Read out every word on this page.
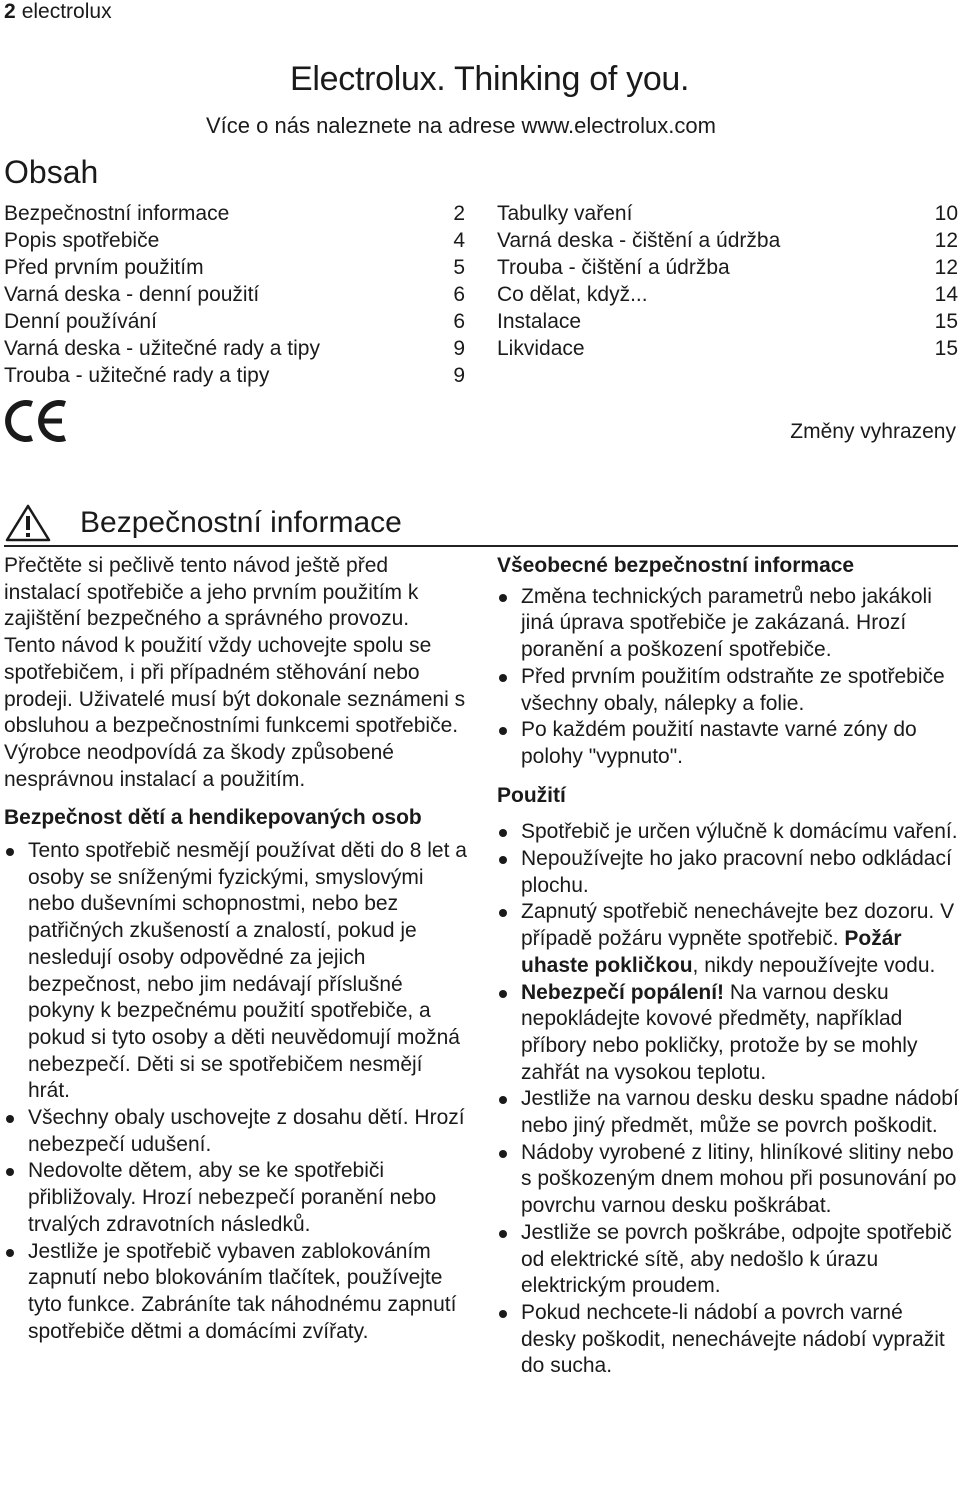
2 electrolux
Electrolux. Thinking of you.
Více o nás naleznete na adrese www.electrolux.com
Obsah
Bezpečnostní informace	2
Popis spotřebiče	4
Před prvním použitím	5
Varná deska - denní použití	6
Denní používání	6
Varná deska - užitečné rady a tipy	9
Trouba - užitečné rady a tipy	9
Tabulky vaření	10
Varná deska - čištění a údržba	12
Trouba - čištění a údržba	12
Co dělat, když...	14
Instalace	15
Likvidace	15
Změny vyhrazeny
Bezpečnostní informace

Přečtěte si pečlivě tento návod ještě před instalací spotřebiče a jeho prvním použitím k zajištění bezpečného a správného provozu.

Tento návod k použití vždy uchovejte spolu se spotřebičem, i při případném stěhování nebo prodeji. Uživatelé musí být dokonale seznámeni s obsluhou a bezpečnostními funkcemi spotřebiče.

Výrobce neodpovídá za škody způsobené nesprávnou instalací a použitím.

Bezpečnost dětí a hendikepovaných osob
Tento spotřebič nesmějí používat děti do 8 let a osoby se sníženými fyzickými, smyslovými nebo duševními schopnostmi, nebo bez patřičných zkušeností a znalostí, pokud je nesledují osoby odpovědné za jejich bezpečnost, nebo jim nedávají příslušné pokyny k bezpečnému použití spotřebiče, a pokud si tyto osoby a děti neuvědomují možná nebezpečí. Děti si se spotřebičem nesmějí hrát.
Všechny obaly uschovejte z dosahu dětí. Hrozí nebezpečí udušení.
Nedovolte dětem, aby se ke spotřebiči přibližovaly. Hrozí nebezpečí poranění nebo trvalých zdravotních následků.
Jestliže je spotřebič vybaven zablokováním zapnutí nebo blokováním tlačítek, používejte tyto funkce. Zabráníte tak náhodnému zapnutí spotřebiče dětmi a domácími zvířaty.
Všeobecné bezpečnostní informace
Změna technických parametrů nebo jakákoli jiná úprava spotřebiče je zakázaná. Hrozí poranění a poškození spotřebiče.
Před prvním použitím odstraňte ze spotřebiče všechny obaly, nálepky a folie.
Po každém použití nastavte varné zóny do polohy "vypnuto".
Použití
Spotřebič je určen výlučně k domácímu vaření.
Nepoužívejte ho jako pracovní nebo odkládací plochu.
Zapnutý spotřebič nenechávejte bez dozoru. V případě požáru vypněte spotřebič. Požár uhaste pokličkou, nikdy nepoužívejte vodu.
Nebezpečí popálení! Na varnou desku nepokládejte kovové předměty, například příbory nebo pokličky, protože by se mohly zahřát na vysokou teplotu.
Jestliže na varnou desku desku spadne nádobí nebo jiný předmět, může se povrch poškodit.
Nádoby vyrobené z litiny, hliníkové slitiny nebo s poškozeným dnem mohou při posunování po povrchu varnou desku poškrábat.
Jestliže se povrch poškrábe, odpojte spotřebič od elektrické sítě, aby nedošlo k úrazu elektrickým proudem.
Pokud nechcete-li nádobí a povrch varné desky poškodit, nenechávejte nádobí vypražit do sucha.
